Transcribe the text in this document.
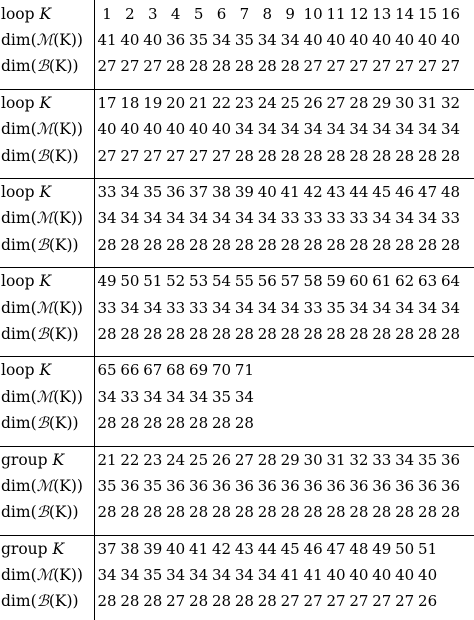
loop K	1 2 3 4 5 6 7 8 9 10 11 12 13 14 15 16
dim(ℳ(K)) 41 40 40 36 35 34 35 34 34 40 40 40 40 40 40 40
dim(ℬ(K)) 27 27 27 28 28 28 28 28 28 27 27 27 27 27 27 27
loop K	17 18 19 20 21 22 23 24 25 26 27 28 29 30 31 32
dim(ℳ(K)) 40 40 40 40 40 40 34 34 34 34 34 34 34 34 34 34
dim(ℬ(K)) 27 27 27 27 27 27 28 28 28 28 28 28 28 28 28 28
loop K	33 34 35 36 37 38 39 40 41 42 43 44 45 46 47 48
dim(ℳ(K)) 34 34 34 34 34 34 34 34 33 33 33 33 34 34 34 33
dim(ℬ(K)) 28 28 28 28 28 28 28 28 28 28 28 28 28 28 28 28
loop K	49 50 51 52 53 54 55 56 57 58 59 60 61 62 63 64
dim(ℳ(K)) 33 34 34 33 33 34 34 34 34 33 35 34 34 34 34 34
dim(ℬ(K)) 28 28 28 28 28 28 28 28 28 28 28 28 28 28 28 28
loop K	65 66 67 68 69 70 71
dim(ℳ(K)) 34 33 34 34 34 35 34
dim(ℬ(K)) 28 28 28 28 28 28 28
group K 21 22 23 24 25 26 27 28 29 30 31 32 33 34 35 36
dim(ℳ(K)) 35 36 35 36 36 36 36 36 36 36 36 36 36 36 36 36
dim(ℬ(K)) 28 28 28 28 28 28 28 28 28 28 28 28 28 28 28 28
group K 37 38 39 40 41 42 43 44 45 46 47 48 49 50 51
dim(ℳ(K)) 34 34 35 34 34 34 34 34 41 41 40 40 40 40 40
dim(ℬ(K)) 28 28 28 27 28 28 28 28 27 27 27 27 27 27 26
